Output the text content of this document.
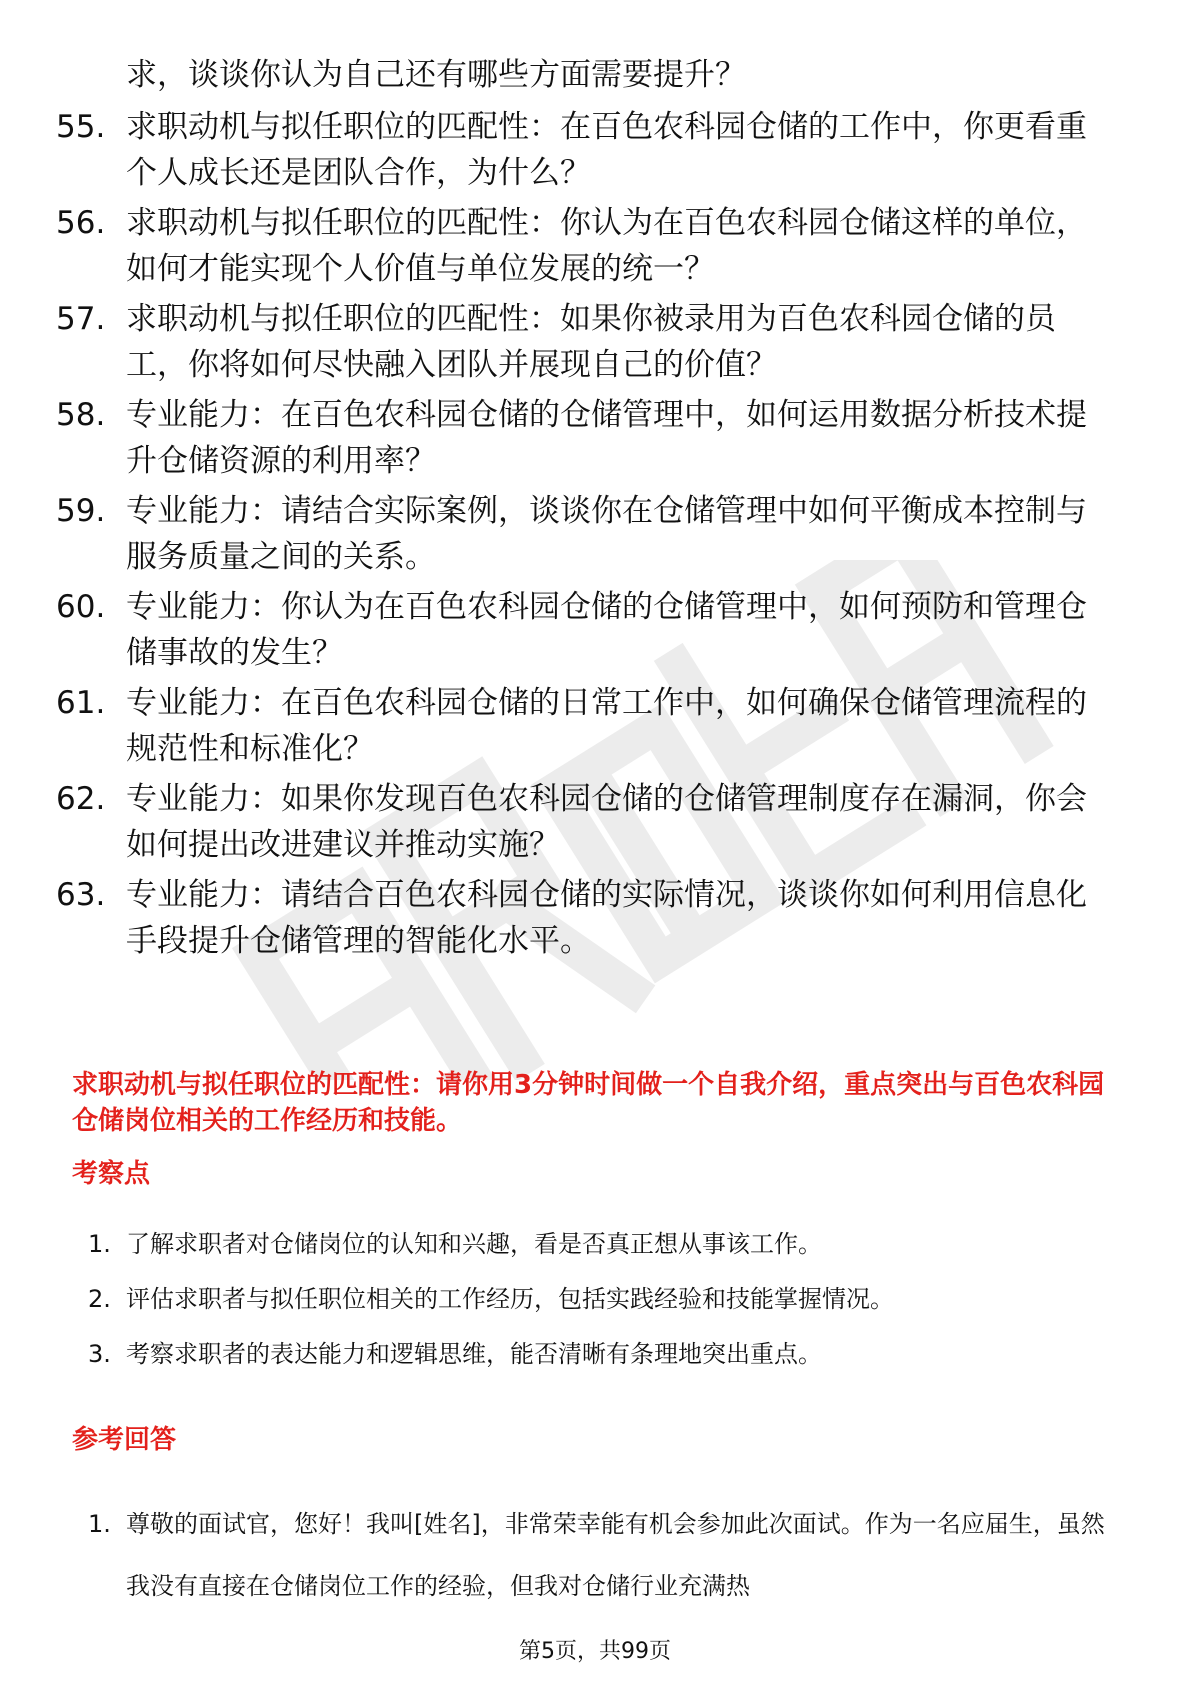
求，谈谈你认为自己还有哪些方面需要提升？
55. 求职动机与拟任职位的匹配性：在百色农科园仓储的工作中，你更看重个人成长还是团队合作，为什么？
56. 求职动机与拟任职位的匹配性：你认为在百色农科园仓储这样的单位，如何才能实现个人价值与单位发展的统一？
57. 求职动机与拟任职位的匹配性：如果你被录用为百色农科园仓储的员工，你将如何尽快融入团队并展现自己的价值？
58. 专业能力：在百色农科园仓储的仓储管理中，如何运用数据分析技术提升仓储资源的利用率？
59. 专业能力：请结合实际案例，谈谈你在仓储管理中如何平衡成本控制与服务质量之间的关系。
60. 专业能力：你认为在百色农科园仓储的仓储管理中，如何预防和管理仓储事故的发生？
61. 专业能力：在百色农科园仓储的日常工作中，如何确保仓储管理流程的规范性和标准化？
62. 专业能力：如果你发现百色农科园仓储的仓储管理制度存在漏洞，你会如何提出改进建议并推动实施？
63. 专业能力：请结合百色农科园仓储的实际情况，谈谈你如何利用信息化手段提升仓储管理的智能化水平。
求职动机与拟任职位的匹配性：请你用3分钟时间做一个自我介绍，重点突出与百色农科园仓储岗位相关的工作经历和技能。
考察点
1. 了解求职者对仓储岗位的认知和兴趣，看是否真正想从事该工作。
2. 评估求职者与拟任职位相关的工作经历，包括实践经验和技能掌握情况。
3. 考察求职者的表达能力和逻辑思维，能否清晰有条理地突出重点。
参考回答
1. 尊敬的面试官，您好！我叫[姓名]，非常荣幸能有机会参加此次面试。作为一名应届生，虽然我没有直接在仓储岗位工作的经验，但我对仓储行业充满热
第5页，共99页
